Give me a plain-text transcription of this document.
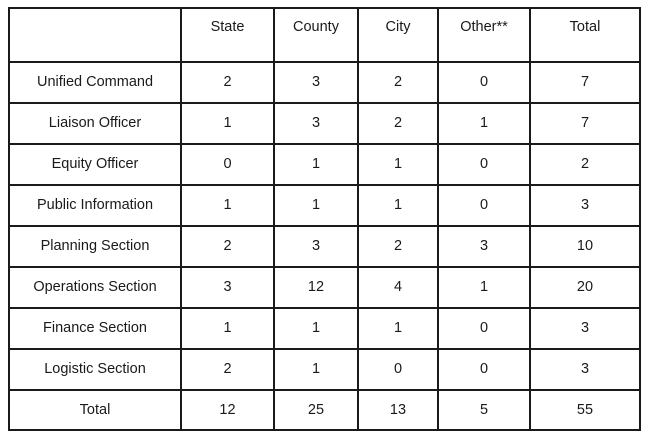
	State	County	City	Other**	Total
Unified Command	2	3	2	0	7
Liaison Officer	1	3	2	1	7
Equity Officer	0	1	1	0	2
Public Information	1	1	1	0	3
Planning Section	2	3	2	3	10
Operations Section	3	12	4	1	20
Finance Section	1	1	1	0	3
Logistic Section	2	1	0	0	3
Total	12	25	13	5	55
